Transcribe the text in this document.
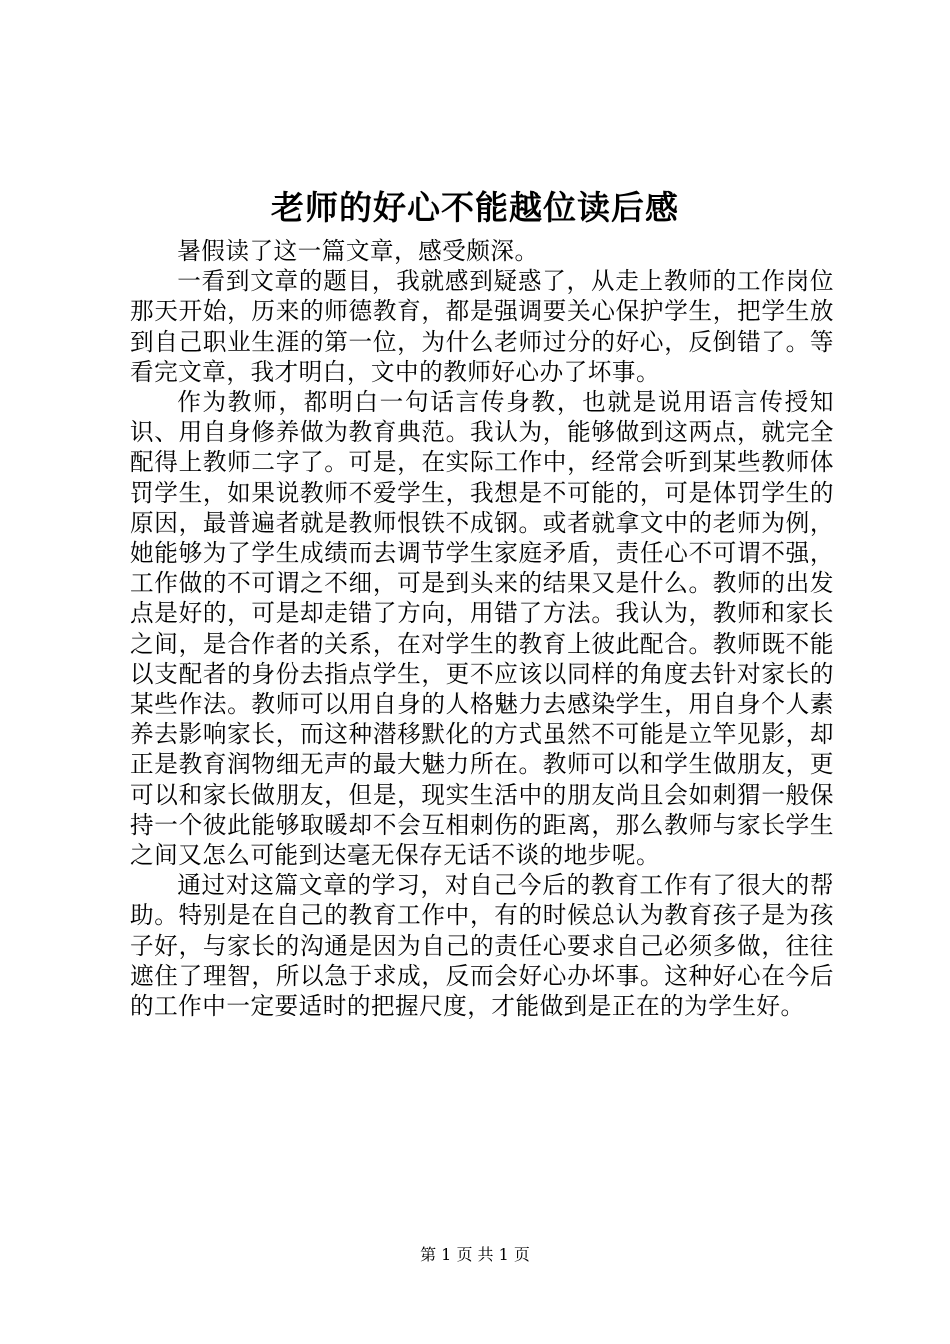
老师的好心不能越位读后感

暑假读了这一篇文章，感受颇深。

一看到文章的题目，我就感到疑惑了，从走上教师的工作岗位那天开始，历来的师德教育，都是强调要关心保护学生，把学生放到自己职业生涯的第一位，为什么老师过分的好心，反倒错了。等看完文章，我才明白，文中的教师好心办了坏事。

作为教师，都明白一句话言传身教，也就是说用语言传授知识、用自身修养做为教育典范。我认为，能够做到这两点，就完全配得上教师二字了。可是，在实际工作中，经常会听到某些教师体罚学生，如果说教师不爱学生，我想是不可能的，可是体罚学生的原因，最普遍者就是教师恨铁不成钢。或者就拿文中的老师为例，她能够为了学生成绩而去调节学生家庭矛盾，责任心不可谓不强，工作做的不可谓之不细，可是到头来的结果又是什么。教师的出发点是好的，可是却走错了方向，用错了方法。我认为，教师和家长之间，是合作者的关系，在对学生的教育上彼此配合。教师既不能以支配者的身份去指点学生，更不应该以同样的角度去针对家长的某些作法。教师可以用自身的人格魅力去感染学生，用自身个人素养去影响家长，而这种潜移默化的方式虽然不可能是立竿见影，却正是教育润物细无声的最大魅力所在。教师可以和学生做朋友，更可以和家长做朋友，但是，现实生活中的朋友尚且会如刺猬一般保持一个彼此能够取暖却不会互相刺伤的距离，那么教师与家长学生之间又怎么可能到达毫无保存无话不谈的地步呢。

通过对这篇文章的学习，对自己今后的教育工作有了很大的帮助。特别是在自己的教育工作中，有的时候总认为教育孩子是为孩子好，与家长的沟通是因为自己的责任心要求自己必须多做，往往遮住了理智，所以急于求成，反而会好心办坏事。这种好心在今后的工作中一定要适时的把握尺度，才能做到是正在的为学生好。

第 1 页 共 1 页
